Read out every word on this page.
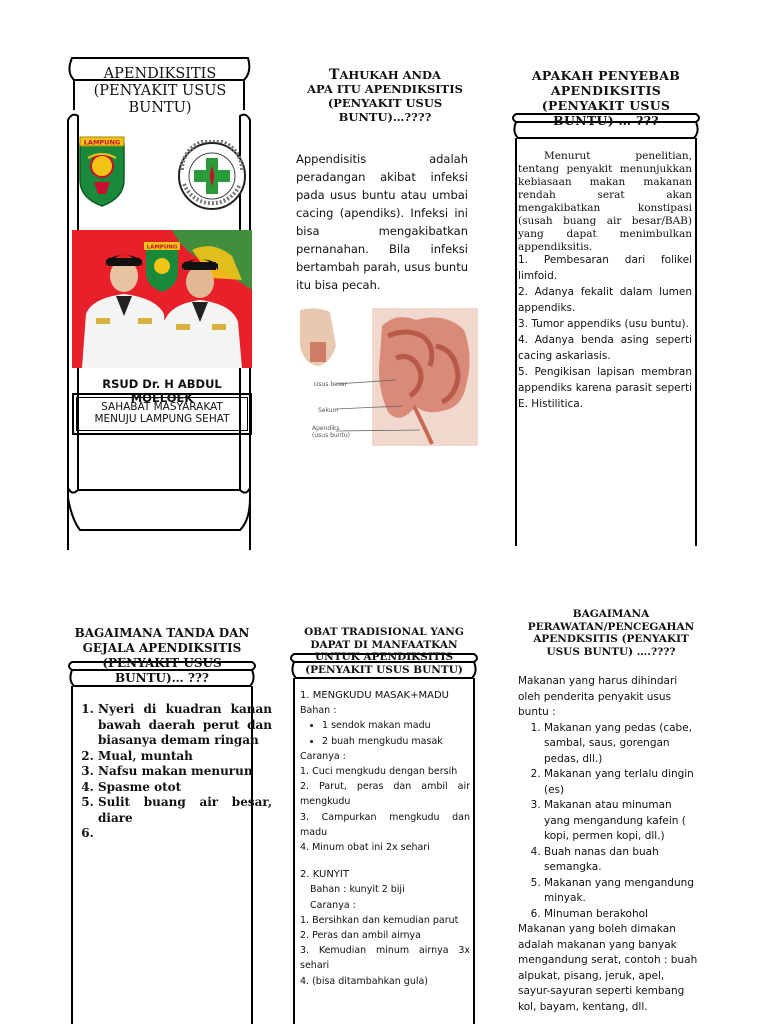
APENDIKSITIS (PENYAKIT USUS BUNTU)
LAMPUNG
LAMPUNG
RSUD Dr. H ABDUL MOELOEK
SAHABAT MASYARAKAT MENUJU LAMPUNG SEHAT
TAHUKAH ANDA
APA ITU APENDIKSITIS
(PENYAKIT USUS
BUNTU)…????
Appendisitis adalah peradangan akibat infeksi pada usus buntu atau umbai cacing (apendiks). Infeksi ini bisa mengakibatkan pernanahan. Bila infeksi bertambah parah, usus buntu itu bisa pecah.
Usus besar
Sekum
Apendiks
(usus buntu)
APAKAH PENYEBAB APENDIKSITIS (PENYAKIT USUS BUNTU) … ???
Menurut penelitian, tentang penyakit menunjukkan kebiasaan makan makanan rendah serat akan mengakibatkan konstipasi (susah buang air besar/BAB) yang dapat menimbulkan appendiksitis.
1. Pembesaran dari folikel limfoid.
2. Adanya fekalit dalam lumen appendiks.
3. Tumor appendiks (usu buntu).
4. Adanya benda asing seperti cacing askariasis.
5. Pengikisan lapisan membran appendiks karena parasit seperti E. Histilitica.
BAGAIMANA TANDA DAN GEJALA APENDIKSITIS (PENYAKIT USUS BUNTU)… ???
1. Nyeri di kuadran kanan bawah daerah perut dan biasanya demam ringan
2. Mual, muntah
3. Nafsu makan menurun
4. Spasme otot
5. Sulit buang air besar, diare
6.
OBAT TRADISIONAL YANG DAPAT DI MANFAATKAN UNTUK APENDIKSITIS (PENYAKIT USUS BUNTU)
1. MENGKUDU MASAK+MADU
Bahan :
• 1 sendok makan madu
• 2 buah mengkudu masak
Caranya :
1. Cuci mengkudu dengan bersih
2. Parut, peras dan ambil air mengkudu
3. Campurkan mengkudu dan madu
4. Minum obat ini 2x sehari
2. KUNYIT
Bahan : kunyit 2 biji
Caranya :
1. Bersihkan dan kemudian parut
2. Peras dan ambil airnya
3. Kemudian minum airnya 3x sehari
4. (bisa ditambahkan gula)
BAGAIMANA PERAWATAN/PENCEGAHAN APENDKSITIS (PENYAKIT USUS BUNTU) ….????
Makanan yang harus dihindari oleh penderita penyakit usus buntu :
1. Makanan yang pedas (cabe, sambal, saus, gorengan pedas, dll.)
2. Makanan yang terlalu dingin (es)
3. Makanan atau minuman yang mengandung kafein ( kopi, permen kopi, dll.)
4. Buah nanas dan buah semangka.
5. Makanan yang mengandung minyak.
6. Minuman berakohol
Makanan yang boleh dimakan adalah makanan yang banyak mengandung serat, contoh : buah alpukat, pisang, jeruk, apel, sayur-sayuran seperti kembang kol, bayam, kentang, dll.
